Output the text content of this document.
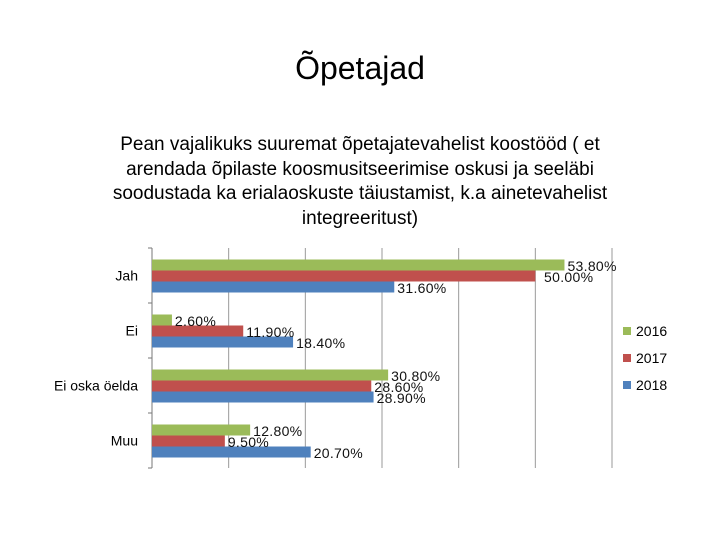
Õpetajad
Pean vajalikuks suuremat õpetajatevahelist koostööd ( et arendada õpilaste koosmusitseerimise oskusi ja seeläbi soodustada ka erialaoskuste täiustamist, k.a ainetevahelist integreeritust)
Jah
53.80%
50.00%
31.60%
Ei
2.60%
11.90%
18.40%
Ei oska öelda
30.80%
28.60%
28.90%
Muu
12.80%
9.50%
20.70%
2016
2017
2018
